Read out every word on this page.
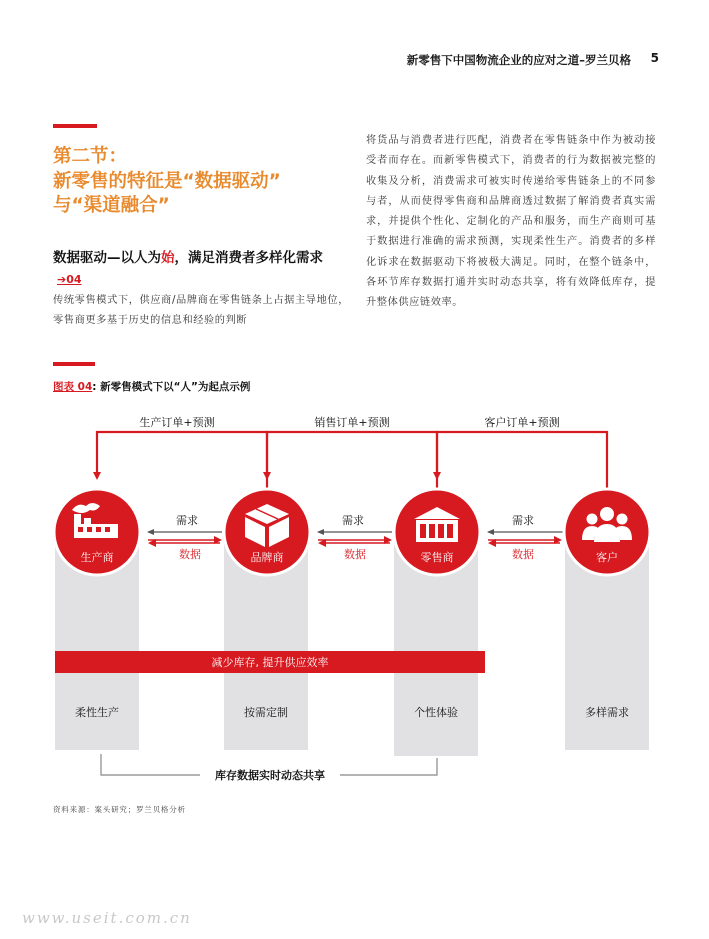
新零售下中国物流企业的应对之道–罗兰贝格 5
第二节：
新零售的特征是“数据驱动”
与“渠道融合”
数据驱动—以人为始，满足消费者多样化需求➔04
传统零售模式下，供应商/品牌商在零售链条上占据主导地位，零售商更多基于历史的信息和经验的判断
将货品与消费者进行匹配，消费者在零售链条中作为被动接受者而存在。而新零售模式下，消费者的行为数据被完整的收集及分析，消费需求可被实时传递给零售链条上的不同参与者，从而使得零售商和品牌商透过数据了解消费者真实需求，并提供个性化、定制化的产品和服务，而生产商则可基于数据进行准确的需求预测，实现柔性生产。消费者的多样化诉求在数据驱动下将被极大满足。同时，在整个链条中，各环节库存数据打通并实时动态共享，将有效降低库存，提升整体供应链效率。
图表 04: 新零售模式下以“人”为起点示例
生产订单+预测	销售订单+预测	客户订单+预测
需求	需求	需求
数据	数据	数据
生产商	品牌商	零售商	客户
减少库存, 提升供应效率
柔性生产	按需定制	个性体验	多样需求
库存数据实时动态共享
资料来源：案头研究；罗兰贝格分析
www.useit.com.cn
